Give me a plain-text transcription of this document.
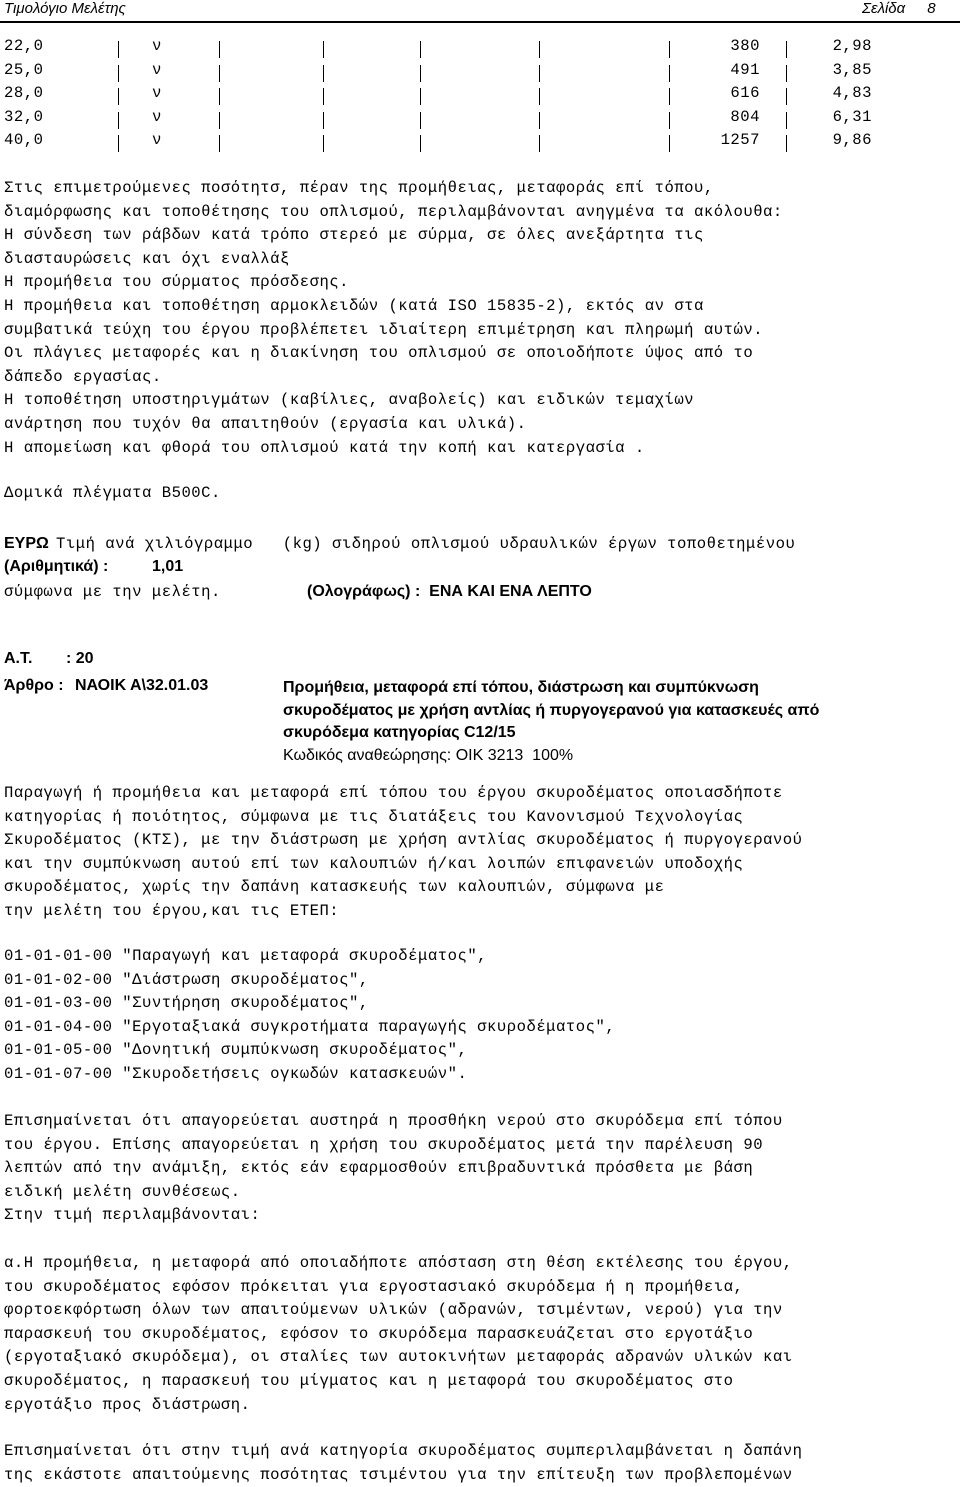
Τιμολόγιο Μελέτης	Σελίδα 8
22,0	ν	380	2,98
25,0	ν	491	3,85
28,0	ν	616	4,83
32,0	ν	804	6,31
40,0	ν	1257	9,86
Στις επιμετρούμενες ποσότητσ, πέραν της προμήθειας, μεταφοράς επί τόπου,
διαμόρφωσης και τοποθέτησης του οπλισμού, περιλαμβάνονται ανηγμένα τα ακόλουθα:
Η σύνδεση των ράβδων κατά τρόπο στερεό με σύρμα, σε όλες ανεξάρτητα τις
διασταυρώσεις και όχι εναλλάξ
Η προμήθεια του σύρματος πρόσδεσης.
Η προμήθεια και τοποθέτηση αρμοκλειδών (κατά ISO 15835-2), εκτός αν στα
συμβατικά τεύχη του έργου προβλέπετει ιδιαίτερη επιμέτρηση και πληρωμή αυτών.
Οι πλάγιες μεταφορές και η διακίνηση του οπλισμού σε οποιοδήποτε ύψος από το
δάπεδο εργασίας.
Η τοποθέτηση υποστηριγμάτων (καβίλιες, αναβολείς) και ειδικών τεμαχίων
ανάρτηση που τυχόν θα απαιτηθούν (εργασία και υλικά).
Η απομείωση και φθορά του οπλισμού κατά την κοπή και κατεργασία .
Δομικά πλέγματα B500C.
ΕΥΡΩ Τιμή ανά χιλιόγραμμο   (kg) σιδηρού οπλισμού υδραυλικών έργων τοποθετημένου
(Αριθμητικά) :	1,01
σύμφωνα με την μελέτη.	(Ολογράφως) :  ΕΝΑ ΚΑΙ ΕΝΑ ΛΕΠΤΟ
Α.Τ. : 20
Άρθρο : ΝΑΟΙΚ Α\32.01.03	Προμήθεια, μεταφορά επί τόπου, διάστρωση και συμπύκνωση
σκυροδέματος με χρήση αντλίας ή πυργογερανού για κατασκευές από
σκυρόδεμα κατηγορίας C12/15
Κωδικός αναθεώρησης: ΟΙΚ 3213  100%
Παραγωγή ή προμήθεια και μεταφορά επί τόπου του έργου σκυροδέματος οποιασδήποτε
κατηγορίας ή ποιότητος, σύμφωνα με τις διατάξεις του Κανονισμού Τεχνολογίας
Σκυροδέματος (ΚΤΣ), με την διάστρωση με χρήση αντλίας σκυροδέματος ή πυργογερανού
και την συμπύκνωση αυτού επί των καλουπιών ή/και λοιπών επιφανειών υποδοχής
σκυροδέματος, χωρίς την δαπάνη κατασκευής των καλουπιών, σύμφωνα με
την μελέτη του έργου,και τις ΕΤΕΠ:
01-01-01-00 "Παραγωγή και μεταφορά σκυροδέματος",
01-01-02-00 "Διάστρωση σκυροδέματος",
01-01-03-00 "Συντήρηση σκυροδέματος",
01-01-04-00 "Εργοταξιακά συγκροτήματα παραγωγής σκυροδέματος",
01-01-05-00 "Δονητική συμπύκνωση σκυροδέματος",
01-01-07-00 "Σκυροδετήσεις ογκωδών κατασκευών".
Επισημαίνεται ότι απαγορεύεται αυστηρά η προσθήκη νερού στο σκυρόδεμα επί τόπου
του έργου. Επίσης απαγορεύεται η χρήση του σκυροδέματος μετά την παρέλευση 90
λεπτών από την ανάμιξη, εκτός εάν εφαρμοσθούν επιβραδυντικά πρόσθετα με βάση
ειδική μελέτη συνθέσεως.
Στην τιμή περιλαμβάνονται:
α.Η προμήθεια, η μεταφορά από οποιαδήποτε απόσταση στη θέση εκτέλεσης του έργου,
του σκυροδέματος εφόσον πρόκειται για εργοστασιακό σκυρόδεμα ή η προμήθεια,
φορτοεκφόρτωση όλων των απαιτούμενων υλικών (αδρανών, τσιμέντων, νερού) για την
παρασκευή του σκυροδέματος, εφόσον το σκυρόδεμα παρασκευάζεται στο εργοτάξιο
(εργοταξιακό σκυρόδεμα), οι σταλίες των αυτοκινήτων μεταφοράς αδρανών υλικών και
σκυροδέματος, η παρασκευή του μίγματος και η μεταφορά του σκυροδέματος στο
εργοτάξιο προς διάστρωση.
Επισημαίνεται ότι στην τιμή ανά κατηγορία σκυροδέματος συμπεριλαμβάνεται η δαπάνη
της εκάστοτε απαιτούμενης ποσότητας τσιμέντου για την επίτευξη των προβλεπομένων
